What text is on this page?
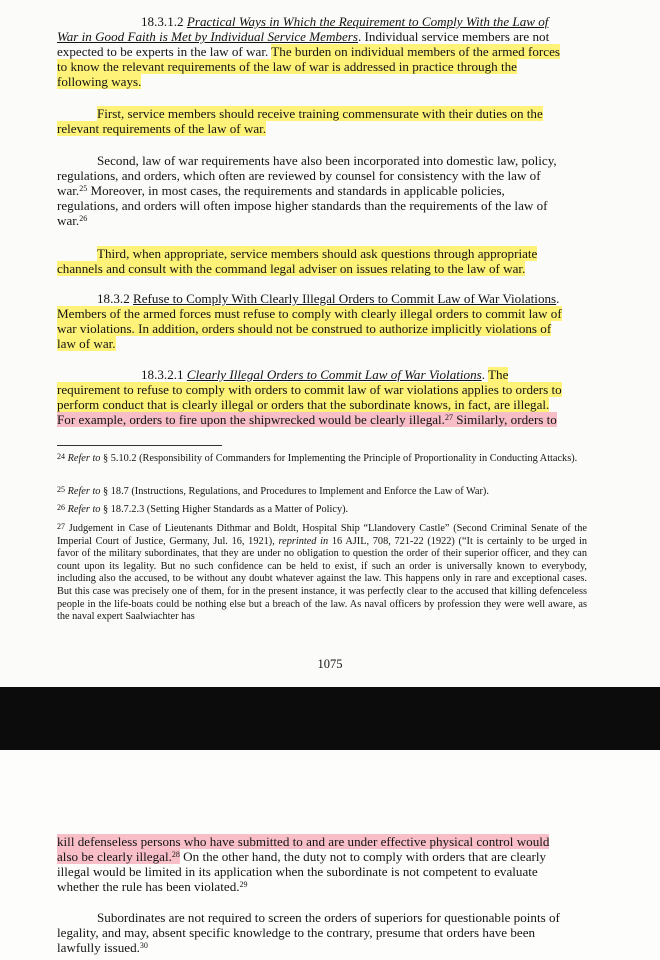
18.3.1.2 Practical Ways in Which the Requirement to Comply With the Law of
War in Good Faith is Met by Individual Service Members. Individual service members are not
expected to be experts in the law of war. The burden on individual members of the armed forces
to know the relevant requirements of the law of war is addressed in practice through the
following ways.
First, service members should receive training commensurate with their duties on the
relevant requirements of the law of war.
Second, law of war requirements have also been incorporated into domestic law, policy,
regulations, and orders, which often are reviewed by counsel for consistency with the law of
war.$^{25}$ Moreover, in most cases, the requirements and standards in applicable policies,
regulations, and orders will often impose higher standards than the requirements of the law of
war.$^{26}$
Third, when appropriate, service members should ask questions through appropriate
channels and consult with the command legal adviser on issues relating to the law of war.
18.3.2 Refuse to Comply With Clearly Illegal Orders to Commit Law of War Violations.
Members of the armed forces must refuse to comply with clearly illegal orders to commit law of
war violations. In addition, orders should not be construed to authorize implicitly violations of
law of war.
18.3.2.1 Clearly Illegal Orders to Commit Law of War Violations. The
requirement to refuse to comply with orders to commit law of war violations applies to orders to
perform conduct that is clearly illegal or orders that the subordinate knows, in fact, are illegal.
For example, orders to fire upon the shipwrecked would be clearly illegal.$^{27}$ Similarly, orders to
$^{24}$ Refer to § 5.10.2 (Responsibility of Commanders for Implementing the Principle of Proportionality in Conducting Attacks).
$^{25}$ Refer to § 18.7 (Instructions, Regulations, and Procedures to Implement and Enforce the Law of War).
$^{26}$ Refer to § 18.7.2.3 (Setting Higher Standards as a Matter of Policy).
$^{27}$ Judgement in Case of Lieutenants Dithmar and Boldt, Hospital Ship “Llandovery Castle” (Second Criminal Senate of the Imperial Court of Justice, Germany, Jul. 16, 1921), reprinted in 16 AJIL, 708, 721-22 (1922) (“It is certainly to be urged in favor of the military subordinates, that they are under no obligation to question the order of their superior officer, and they can count upon its legality. But no such confidence can be held to exist, if such an order is universally known to everybody, including also the accused, to be without any doubt whatever against the law. This happens only in rare and exceptional cases. But this case was precisely one of them, for in the present instance, it was perfectly clear to the accused that killing defenceless people in the life-boats could be nothing else but a breach of the law. As naval officers by profession they were well aware, as the naval expert Saalwiachter has
1075
kill defenseless persons who have submitted to and are under effective physical control would
also be clearly illegal.$^{28}$ On the other hand, the duty not to comply with orders that are clearly
illegal would be limited in its application when the subordinate is not competent to evaluate
whether the rule has been violated.$^{29}$
Subordinates are not required to screen the orders of superiors for questionable points of
legality, and may, absent specific knowledge to the contrary, presume that orders have been
lawfully issued.$^{30}$
